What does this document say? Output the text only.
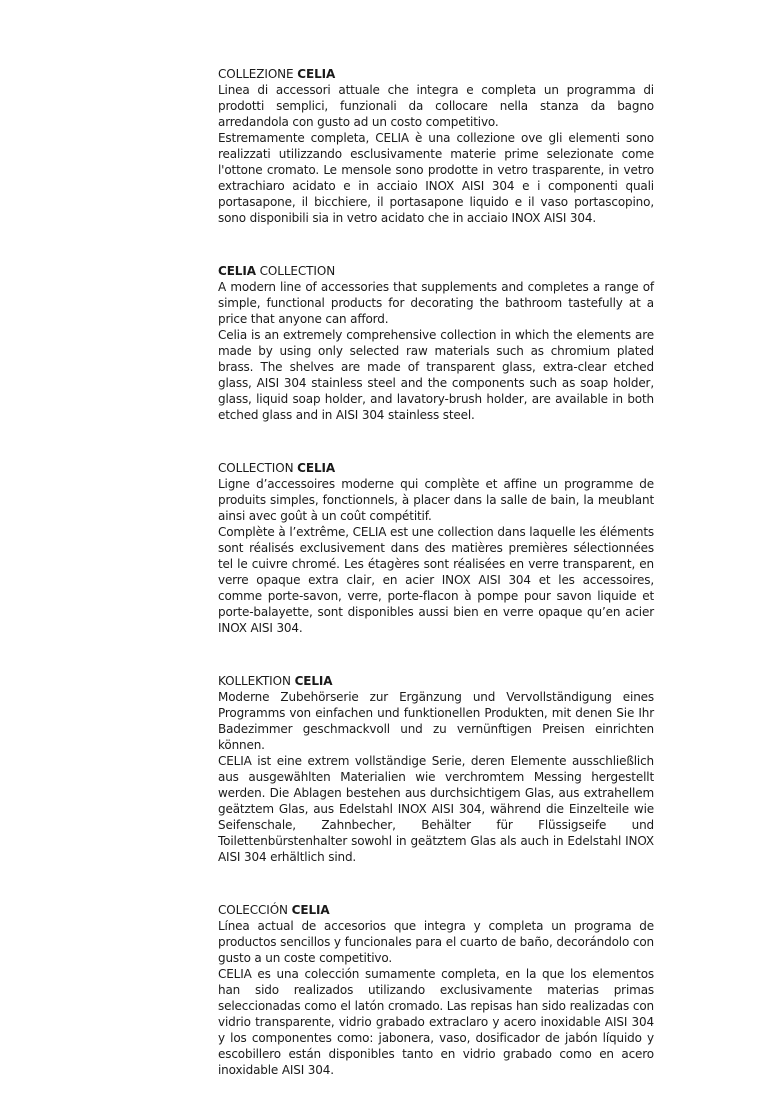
COLLEZIONE CELIA

Linea di accessori attuale che integra e completa un programma di prodotti semplici, funzionali da collocare nella stanza da bagno arredandola con gusto ad un costo competitivo.

Estremamente completa, CELIA è una collezione ove gli elementi sono realizzati utilizzando esclusivamente materie prime selezionate come l'ottone cromato. Le mensole sono prodotte in vetro trasparente, in vetro extrachiaro acidato e in acciaio INOX AISI 304 e i componenti quali portasapone, il bicchiere, il portasapone liquido e il vaso portascopino, sono disponibili sia in vetro acidato che in acciaio INOX AISI 304.

CELIA COLLECTION

A modern line of accessories that supplements and completes a range of simple, functional products for decorating the bathroom tastefully at a price that anyone can afford.

Celia is an extremely comprehensive collection in which the elements are made by using only selected raw materials such as chromium plated brass. The shelves are made of transparent glass, extra-clear etched glass, AISI 304 stainless steel and the components such as soap holder, glass, liquid soap holder, and lavatory-brush holder, are available in both etched glass and in AISI 304 stainless steel.

COLLECTION CELIA

Ligne d’accessoires moderne qui complète et affine un programme de produits simples, fonctionnels, à placer dans la salle de bain, la meublant ainsi avec goût à un coût compétitif.

Complète à l’extrême, CELIA est une collection dans laquelle les éléments sont réalisés exclusivement dans des matières premières sélectionnées tel le cuivre chromé. Les étagères sont réalisées en verre transparent, en verre opaque extra clair, en acier INOX AISI 304 et les accessoires, comme porte-savon, verre, porte-flacon à pompe pour savon liquide et porte-balayette, sont disponibles aussi bien en verre opaque qu’en acier INOX AISI 304.

KOLLEKTION CELIA

Moderne Zubehörserie zur Ergänzung und Vervollständigung eines Programms von einfachen und funktionellen Produkten, mit denen Sie Ihr Badezimmer geschmackvoll und zu vernünftigen Preisen einrichten können.

CELIA ist eine extrem vollständige Serie, deren Elemente ausschließlich aus ausgewählten Materialien wie verchromtem Messing hergestellt werden. Die Ablagen bestehen aus durchsichtigem Glas, aus extrahellem geätztem Glas, aus Edelstahl INOX AISI 304, während die Einzelteile wie Seifenschale, Zahnbecher, Behälter für Flüssigseife und Toilettenbürstenhalter sowohl in geätztem Glas als auch in Edelstahl INOX AISI 304 erhältlich sind.

COLECCIÓN CELIA

Línea actual de accesorios que integra y completa un programa de productos sencillos y funcionales para el cuarto de baño, decorándolo con gusto a un coste competitivo.

CELIA es una colección sumamente completa, en la que los elementos han sido realizados utilizando exclusivamente materias primas seleccionadas como el latón cromado. Las repisas han sido realizadas con vidrio transparente, vidrio grabado extraclaro y acero inoxidable AISI 304 y los componentes como: jabonera, vaso, dosificador de jabón líquido y escobillero están disponibles tanto en vidrio grabado como en acero inoxidable AISI 304.
